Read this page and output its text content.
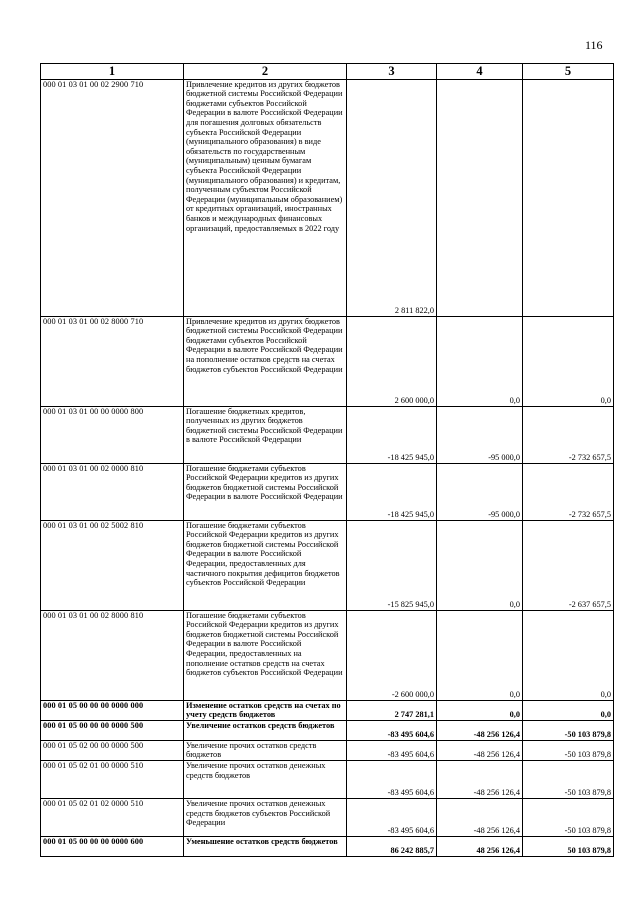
116
1	2	3	4	5
000 01 03 01 00 02 2900 710	Привлечение кредитов из других бюджетов бюджетной системы Российской Федерации бюджетами субъектов Российской Федерации в валюте Российской Федерации для погашения долговых обязательств субъекта Российской Федерации (муниципального образования) в виде обязательств по государственным (муниципальным) ценным бумагам субъекта Российской Федерации (муниципального образования) и кредитам, полученным субъектом Российской Федерации (муниципальным образованием) от кредитных организаций, иностранных банков и международных финансовых организаций, предоставляемых в 2022 году	2 811 822,0		
000 01 03 01 00 02 8000 710	Привлечение кредитов из других бюджетов бюджетной системы Российской Федерации бюджетами субъектов Российской Федерации в валюте Российской Федерации на пополнение остатков средств на счетах бюджетов субъектов Российской Федерации	2 600 000,0	0,0	0,0
000 01 03 01 00 00 0000 800	Погашение бюджетных кредитов, полученных из других бюджетов бюджетной системы Российской Федерации в валюте Российской Федерации	-18 425 945,0	-95 000,0	-2 732 657,5
000 01 03 01 00 02 0000 810	Погашение бюджетами субъектов Российской Федерации кредитов из других бюджетов бюджетной системы Российской Федерации в валюте Российской Федерации	-18 425 945,0	-95 000,0	-2 732 657,5
000 01 03 01 00 02 5002 810	Погашение бюджетами субъектов Российской Федерации кредитов из других бюджетов бюджетной системы Российской Федерации в валюте Российской Федерации, предоставленных для частичного покрытия дефицитов бюджетов субъектов Российской Федерации	-15 825 945,0	0,0	-2 637 657,5
000 01 03 01 00 02 8000 810	Погашение бюджетами субъектов Российской Федерации кредитов из других бюджетов бюджетной системы Российской Федерации в валюте Российской Федерации, предоставленных на пополнение остатков средств на счетах бюджетов субъектов Российской Федерации	-2 600 000,0	0,0	0,0
000 01 05 00 00 00 0000 000	Изменение остатков средств на счетах по учету средств бюджетов	2 747 281,1	0,0	0,0
000 01 05 00 00 00 0000 500	Увеличение остатков средств бюджетов	-83 495 604,6	-48 256 126,4	-50 103 879,8
000 01 05 02 00 00 0000 500	Увеличение прочих остатков средств бюджетов	-83 495 604,6	-48 256 126,4	-50 103 879,8
000 01 05 02 01 00 0000 510	Увеличение прочих остатков денежных средств бюджетов	-83 495 604,6	-48 256 126,4	-50 103 879,8
000 01 05 02 01 02 0000 510	Увеличение прочих остатков денежных средств бюджетов субъектов Российской Федерации	-83 495 604,6	-48 256 126,4	-50 103 879,8
000 01 05 00 00 00 0000 600	Уменьшение остатков средств бюджетов	86 242 885,7	48 256 126,4	50 103 879,8
